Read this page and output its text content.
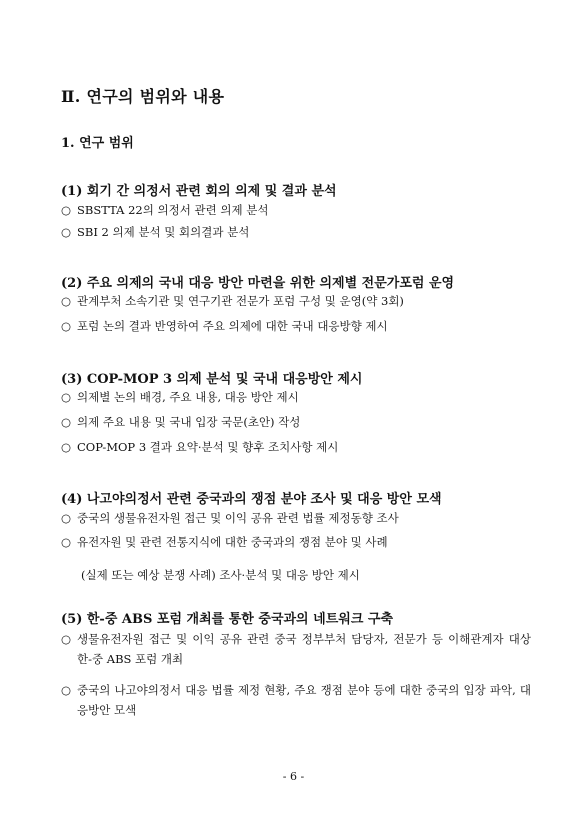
Ⅱ. 연구의 범위와 내용
1. 연구 범위
(1) 회기 간 의정서 관련 회의 의제 및 결과 분석
○ SBSTTA 22의 의정서 관련 의제 분석
○ SBI 2 의제 분석 및 회의결과 분석
(2) 주요 의제의 국내 대응 방안 마련을 위한 의제별 전문가포럼 운영
○ 관계부처 소속기관 및 연구기관 전문가 포럼 구성 및 운영(약 3회)
○ 포럼 논의 결과 반영하여 주요 의제에 대한 국내 대응방향 제시
(3) COP-MOP 3 의제 분석 및 국내 대응방안 제시
○ 의제별 논의 배경, 주요 내용, 대응 방안 제시
○ 의제 주요 내용 및 국내 입장 국문(초안) 작성
○ COP-MOP 3 결과 요약·분석 및 향후 조치사항 제시
(4) 나고야의정서 관련 중국과의 쟁점 분야 조사 및 대응 방안 모색
○ 중국의 생물유전자원 접근 및 이익 공유 관련 법률 제정동향 조사
○ 유전자원 및 관련 전통지식에 대한 중국과의 쟁점 분야 및 사례
(실제 또는 예상 분쟁 사례) 조사·분석 및 대응 방안 제시
(5) 한-중 ABS 포럼 개최를 통한 중국과의 네트워크 구축
○ 생물유전자원 접근 및 이익 공유 관련 중국 정부부처 담당자, 전문가 등 이해관계자 대상 한-중 ABS 포럼 개최
○ 중국의 나고야의정서 대응 법률 제정 현황, 주요 쟁점 분야 등에 대한 중국의 입장 파악, 대응방안 모색
- 6 -
